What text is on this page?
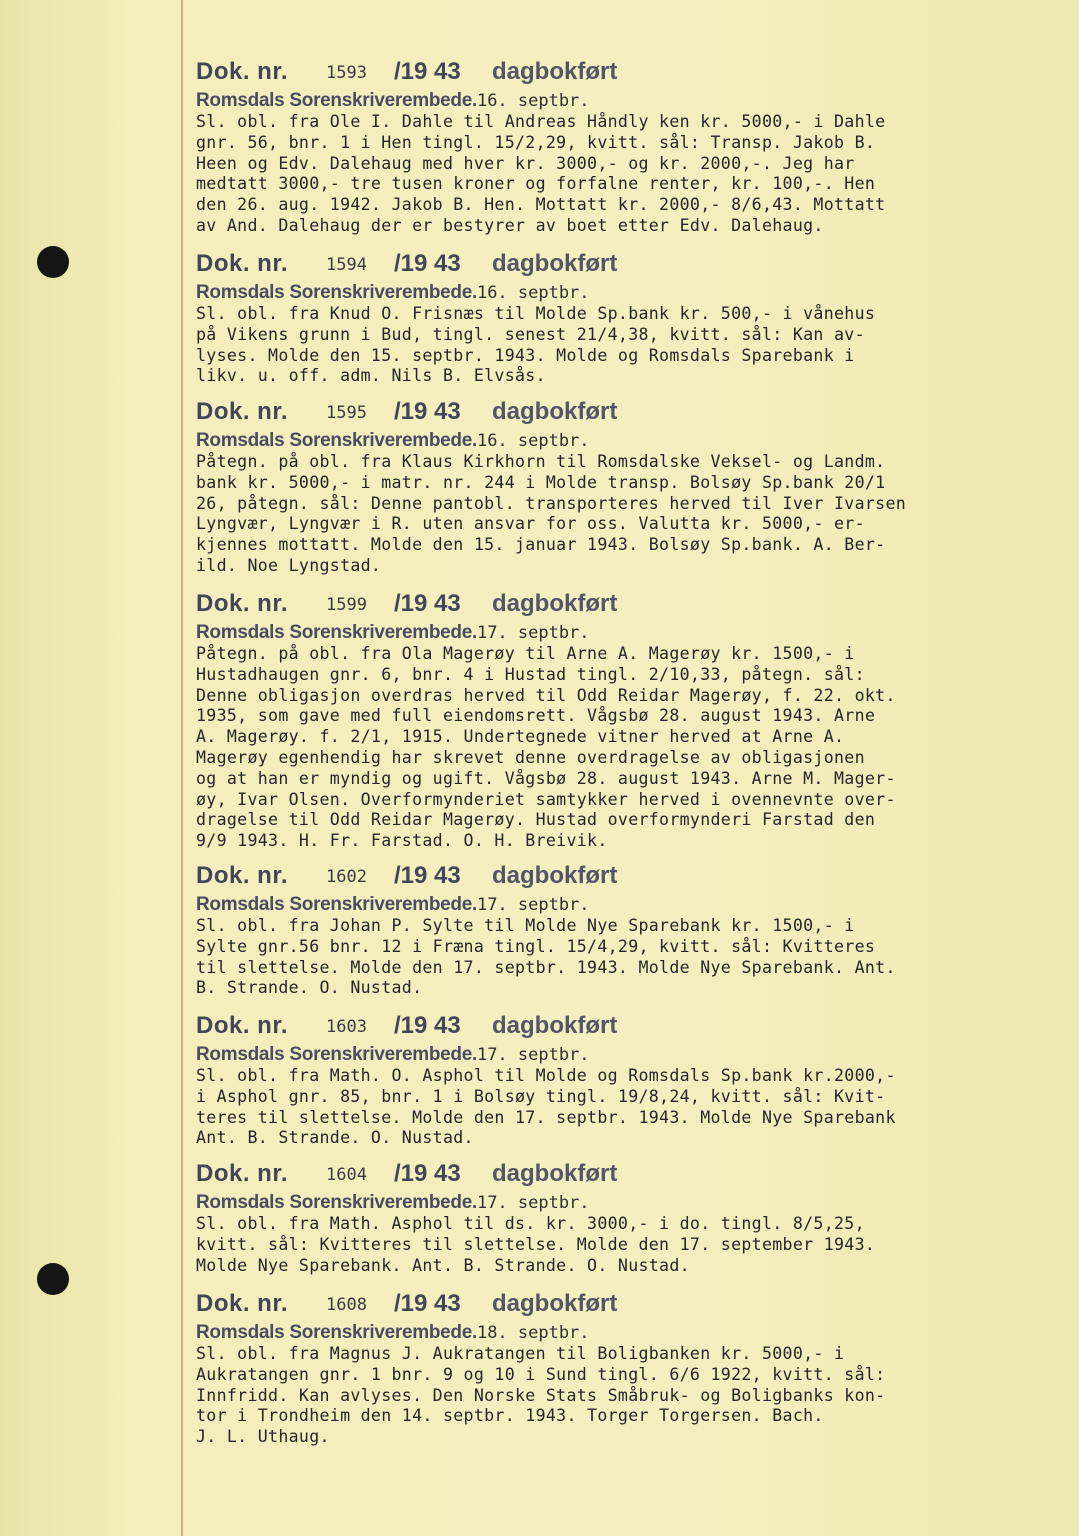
Dok. nr. 1593 /19 43 dagbokført
Romsdals Sorenskriverembede.16. septbr.
Sl. obl. fra Ole I. Dahle til Andreas Håndly ken kr. 5000,- i Dahle
gnr. 56, bnr. 1 i Hen tingl. 15/2,29, kvitt. sål: Transp. Jakob B.
Heen og Edv. Dalehaug med hver kr. 3000,- og kr. 2000,-. Jeg har
medtatt 3000,- tre tusen kroner og forfalne renter, kr. 100,-. Hen
den 26. aug. 1942. Jakob B. Hen. Mottatt kr. 2000,- 8/6,43. Mottatt
av And. Dalehaug der er bestyrer av boet etter Edv. Dalehaug.
Dok. nr. 1594 /19 43 dagbokført
Romsdals Sorenskriverembede.16. septbr.
Sl. obl. fra Knud O. Frisnæs til Molde Sp.bank kr. 500,- i vånehus
på Vikens grunn i Bud, tingl. senest 21/4,38, kvitt. sål: Kan av-
lyses. Molde den 15. septbr. 1943. Molde og Romsdals Sparebank i
likv. u. off. adm. Nils B. Elvsås.
Dok. nr. 1595 /19 43 dagbokført
Romsdals Sorenskriverembede.16. septbr.
Påtegn. på obl. fra Klaus Kirkhorn til Romsdalske Veksel- og Landm.
bank kr. 5000,- i matr. nr. 244 i Molde transp. Bolsøy Sp.bank 20/1
26, påtegn. sål: Denne pantobl. transporteres herved til Iver Ivarsen
Lyngvær, Lyngvær i R. uten ansvar for oss. Valutta kr. 5000,- er-
kjennes mottatt. Molde den 15. januar 1943. Bolsøy Sp.bank. A. Ber-
ild. Noe Lyngstad.
Dok. nr. 1599 /19 43 dagbokført
Romsdals Sorenskriverembede.17. septbr.
Påtegn. på obl. fra Ola Magerøy til Arne A. Magerøy kr. 1500,- i
Hustadhaugen gnr. 6, bnr. 4 i Hustad tingl. 2/10,33, påtegn. sål:
Denne obligasjon overdras herved til Odd Reidar Magerøy, f. 22. okt.
1935, som gave med full eiendomsrett. Vågsbø 28. august 1943. Arne
A. Magerøy. f. 2/1, 1915. Undertegnede vitner herved at Arne A.
Magerøy egenhendig har skrevet denne overdragelse av obligasjonen
og at han er myndig og ugift. Vågsbø 28. august 1943. Arne M. Mager-
øy, Ivar Olsen. Overformynderiet samtykker herved i ovennevnte over-
dragelse til Odd Reidar Magerøy. Hustad overformynderi Farstad den
9/9 1943. H. Fr. Farstad. O. H. Breivik.
Dok. nr. 1602 /19 43 dagbokført
Romsdals Sorenskriverembede.17. septbr.
Sl. obl. fra Johan P. Sylte til Molde Nye Sparebank kr. 1500,- i
Sylte gnr.56 bnr. 12 i Fræna tingl. 15/4,29, kvitt. sål: Kvitteres
til slettelse. Molde den 17. septbr. 1943. Molde Nye Sparebank. Ant.
B. Strande. O. Nustad.
Dok. nr. 1603 /19 43 dagbokført
Romsdals Sorenskriverembede.17. septbr.
Sl. obl. fra Math. O. Asphol til Molde og Romsdals Sp.bank kr.2000,-
i Asphol gnr. 85, bnr. 1 i Bolsøy tingl. 19/8,24, kvitt. sål: Kvit-
teres til slettelse. Molde den 17. septbr. 1943. Molde Nye Sparebank
Ant. B. Strande. O. Nustad.
Dok. nr. 1604 /19 43 dagbokført
Romsdals Sorenskriverembede.17. septbr.
Sl. obl. fra Math. Asphol til ds. kr. 3000,- i do. tingl. 8/5,25,
kvitt. sål: Kvitteres til slettelse. Molde den 17. september 1943.
Molde Nye Sparebank. Ant. B. Strande. O. Nustad.
Dok. nr. 1608 /19 43 dagbokført
Romsdals Sorenskriverembede.18. septbr.
Sl. obl. fra Magnus J. Aukratangen til Boligbanken kr. 5000,- i
Aukratangen gnr. 1 bnr. 9 og 10 i Sund tingl. 6/6 1922, kvitt. sål:
Innfridd. Kan avlyses. Den Norske Stats Småbruk- og Boligbanks kon-
tor i Trondheim den 14. septbr. 1943. Torger Torgersen. Bach.
J. L. Uthaug.
